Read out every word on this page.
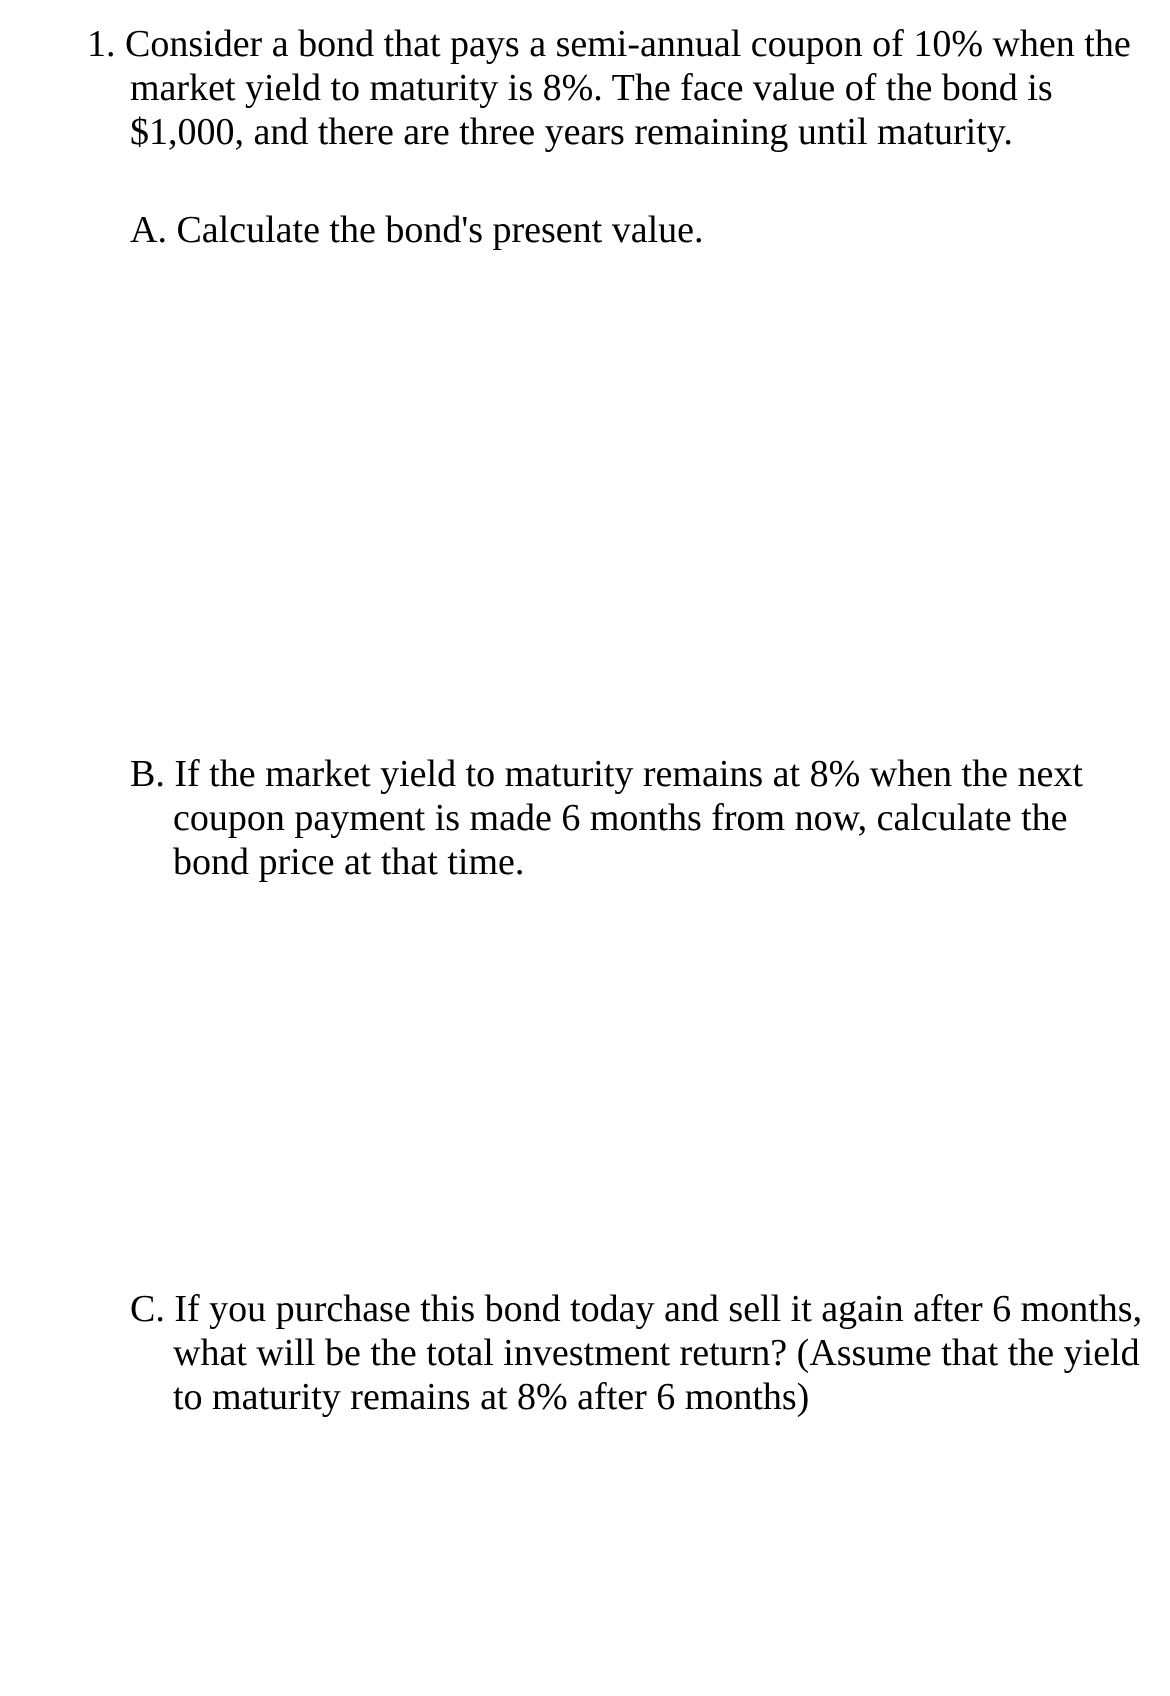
1. Consider a bond that pays a semi-annual coupon of 10% when the market yield to maturity is 8%. The face value of the bond is $1,000, and there are three years remaining until maturity.

A. Calculate the bond's present value.

B. If the market yield to maturity remains at 8% when the next coupon payment is made 6 months from now, calculate the bond price at that time.

C. If you purchase this bond today and sell it again after 6 months, what will be the total investment return? (Assume that the yield to maturity remains at 8% after 6 months)
